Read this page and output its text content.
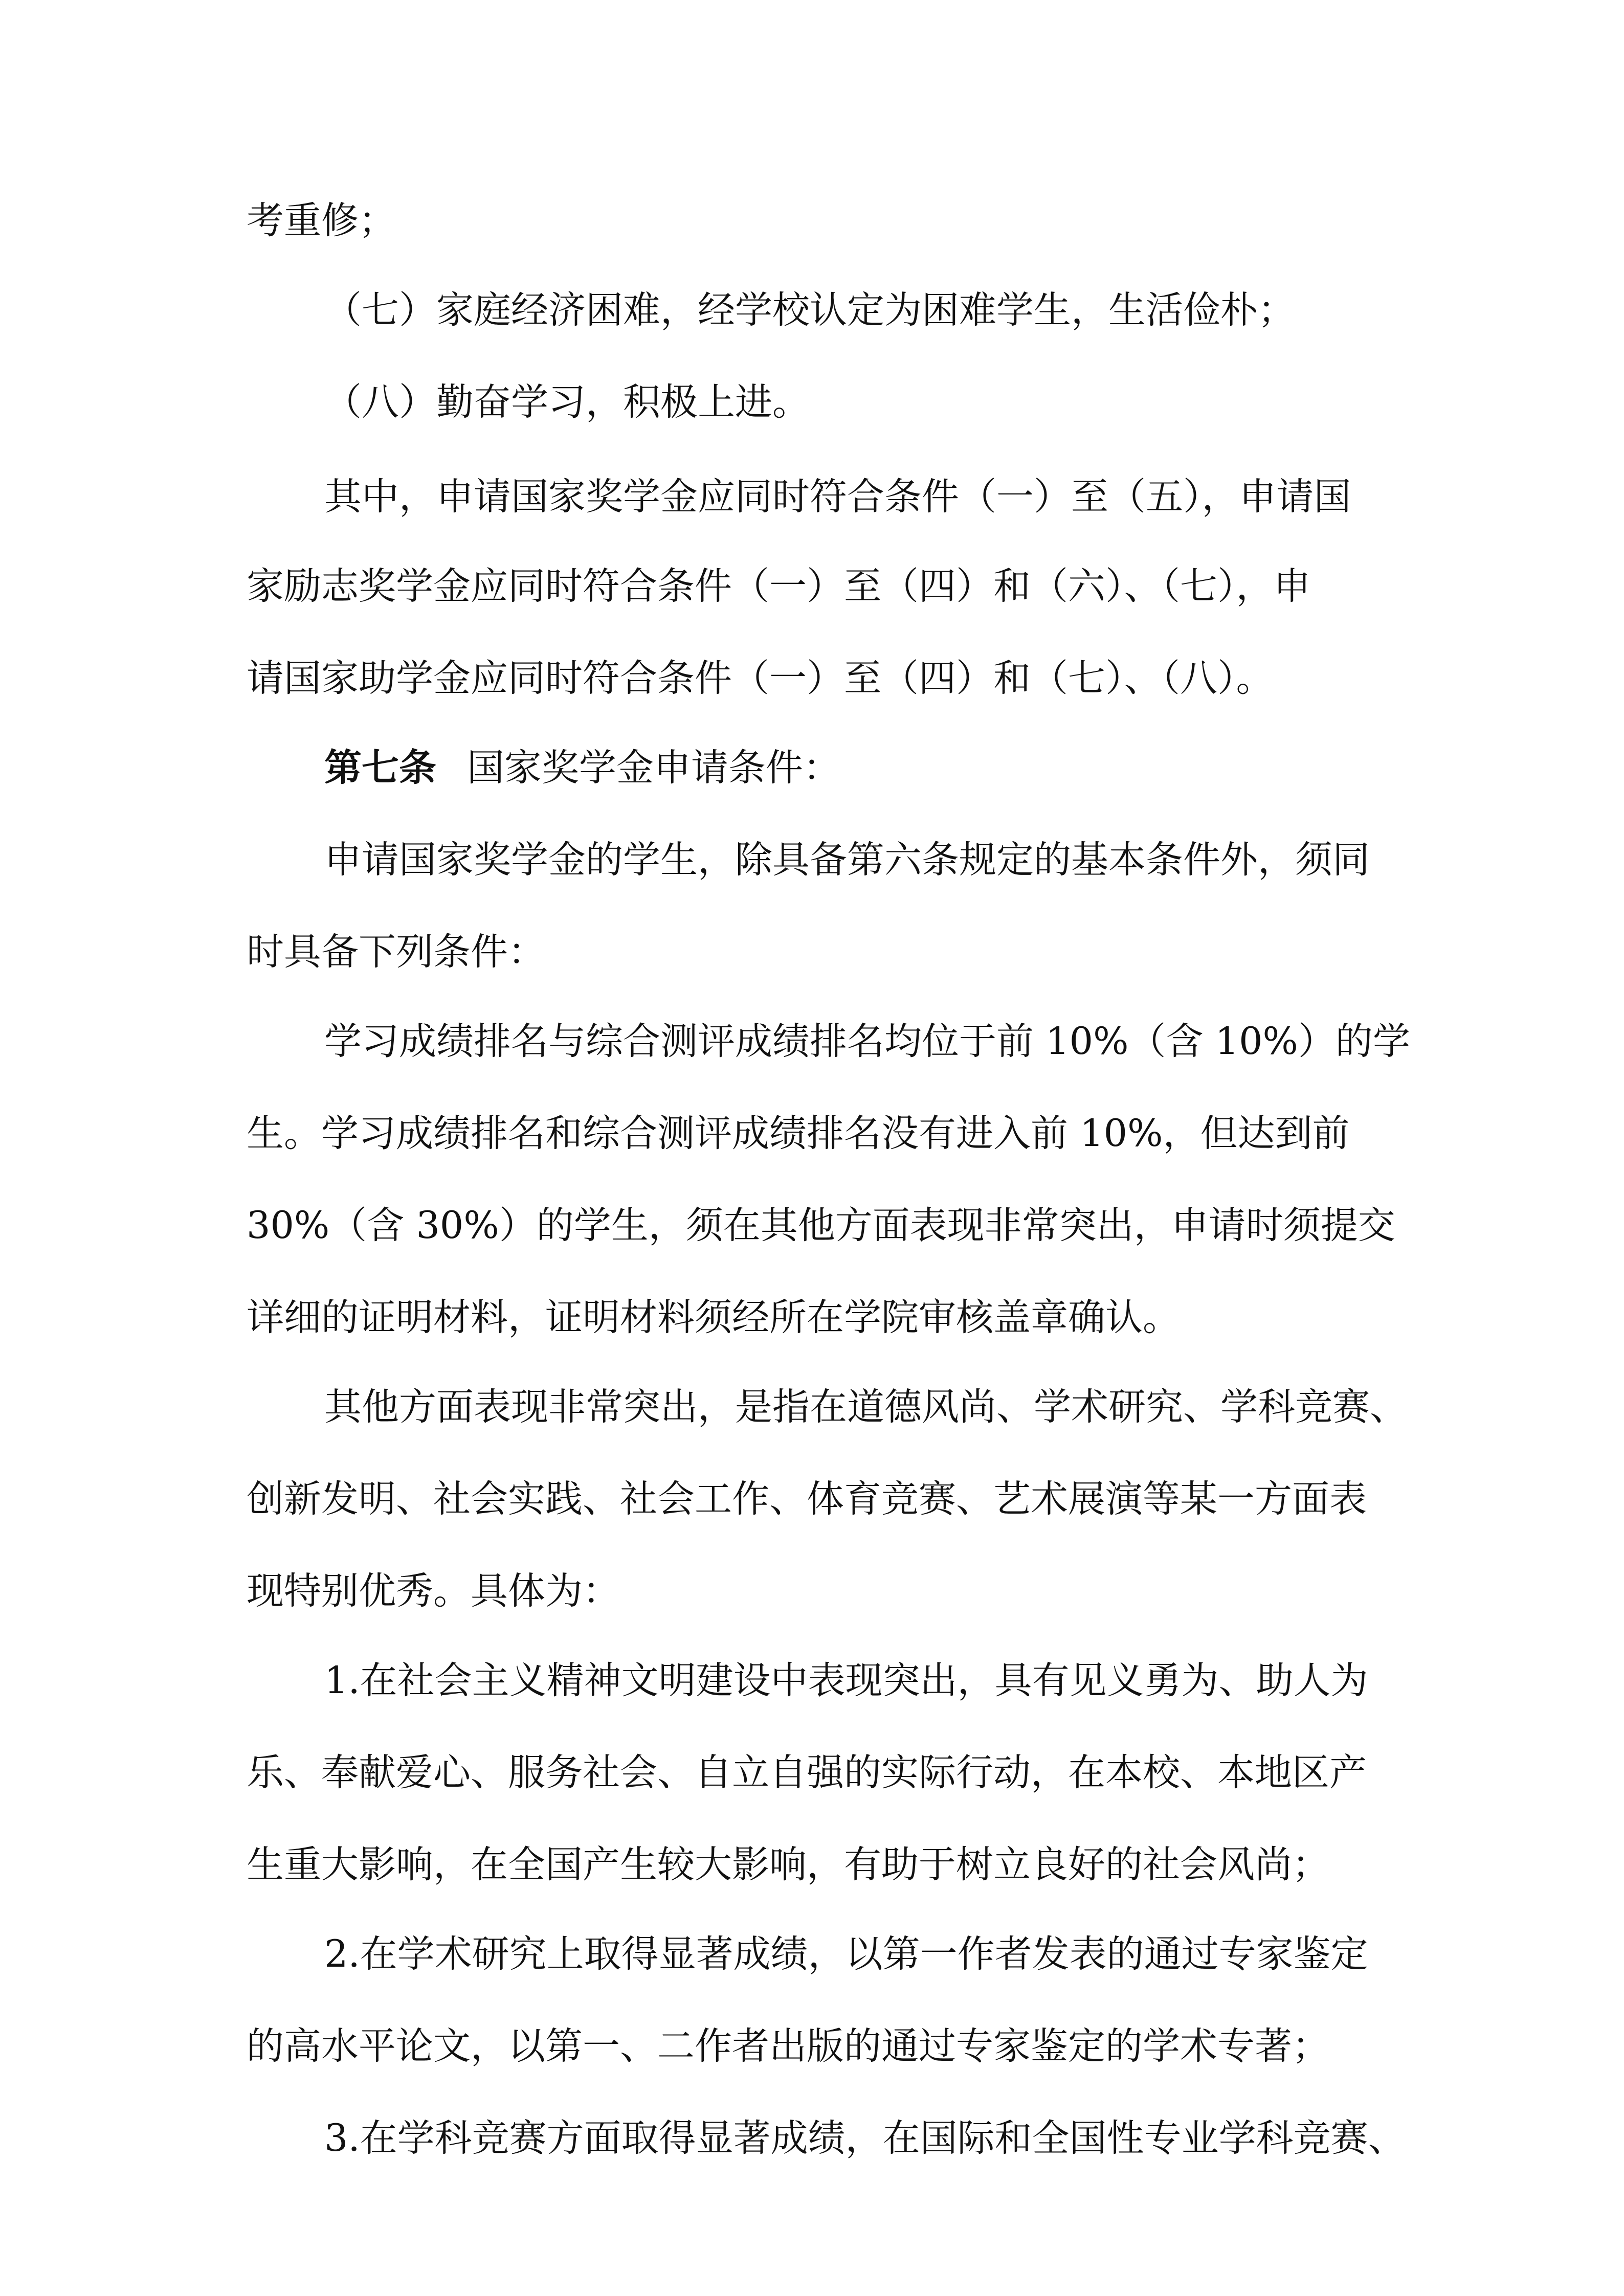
考重修；
（七）家庭经济困难，经学校认定为困难学生，生活俭朴；
（八）勤奋学习，积极上进。
其中，申请国家奖学金应同时符合条件（一）至（五），申请国
家励志奖学金应同时符合条件（一）至（四）和（六）、（七），申
请国家助学金应同时符合条件（一）至（四）和（七）、（八）。
第七条 国家奖学金申请条件：
申请国家奖学金的学生，除具备第六条规定的基本条件外，须同
时具备下列条件：
学习成绩排名与综合测评成绩排名均位于前 10%（含 10%）的学
生。学习成绩排名和综合测评成绩排名没有进入前 10%，但达到前
30%（含 30%）的学生，须在其他方面表现非常突出，申请时须提交
详细的证明材料，证明材料须经所在学院审核盖章确认。
其他方面表现非常突出，是指在道德风尚、学术研究、学科竞赛、
创新发明、社会实践、社会工作、体育竞赛、艺术展演等某一方面表
现特别优秀。具体为：
1.在社会主义精神文明建设中表现突出，具有见义勇为、助人为
乐、奉献爱心、服务社会、自立自强的实际行动，在本校、本地区产
生重大影响，在全国产生较大影响，有助于树立良好的社会风尚；
2.在学术研究上取得显著成绩，以第一作者发表的通过专家鉴定
的高水平论文，以第一、二作者出版的通过专家鉴定的学术专著；
3.在学科竞赛方面取得显著成绩，在国际和全国性专业学科竞赛、
